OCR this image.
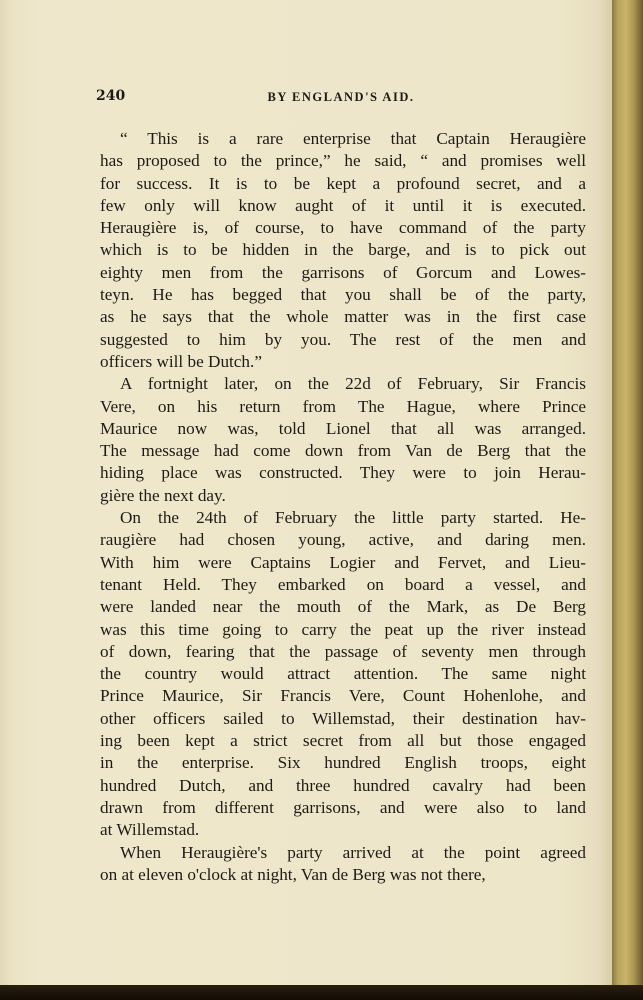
240	BY ENGLAND'S AID.

“ This is a rare enterprise that Captain Heraugière
has proposed to the prince,” he said, “ and promises well
for success. It is to be kept a profound secret, and a
few only will know aught of it until it is executed.
Heraugière is, of course, to have command of the party
which is to be hidden in the barge, and is to pick out
eighty men from the garrisons of Gorcum and Lowes-
teyn. He has begged that you shall be of the party,
as he says that the whole matter was in the first case
suggested to him by you. The rest of the men and
officers will be Dutch.”

A fortnight later, on the 22d of February, Sir Francis
Vere, on his return from The Hague, where Prince
Maurice now was, told Lionel that all was arranged.
The message had come down from Van de Berg that the
hiding place was constructed. They were to join Herau-
gière the next day.

On the 24th of February the little party started. He-
raugière had chosen young, active, and daring men.
With him were Captains Logier and Fervet, and Lieu-
tenant Held. They embarked on board a vessel, and
were landed near the mouth of the Mark, as De Berg
was this time going to carry the peat up the river instead
of down, fearing that the passage of seventy men through
the country would attract attention. The same night
Prince Maurice, Sir Francis Vere, Count Hohenlohe, and
other officers sailed to Willemstad, their destination hav-
ing been kept a strict secret from all but those engaged
in the enterprise. Six hundred English troops, eight
hundred Dutch, and three hundred cavalry had been
drawn from different garrisons, and were also to land
at Willemstad.

When Heraugière's party arrived at the point agreed
on at eleven o'clock at night, Van de Berg was not there,
